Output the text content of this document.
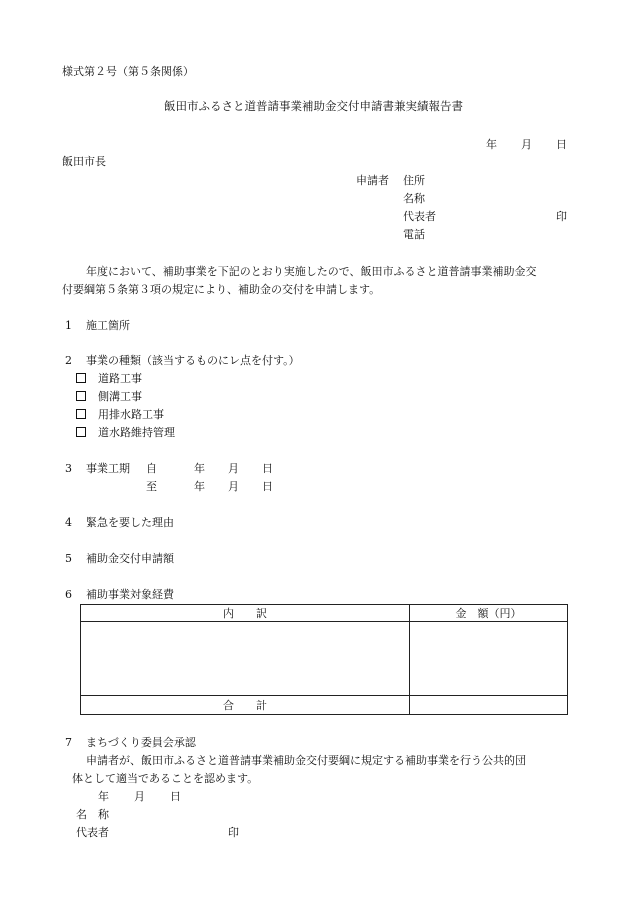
様式第２号（第５条関係）
飯田市ふるさと道普請事業補助金交付申請書兼実績報告書
年 月 日
飯田市長
申請者 住所
名称
代表者	印
電話
年度において、補助事業を下記のとおり実施したので、飯田市ふるさと道普請事業補助金交
付要綱第５条第３項の規定により、補助金の交付を申請します。
1 施工箇所
2 事業の種類（該当するものにレ点を付す。）
道路工事
側溝工事
用排水路工事
道水路維持管理
3 事業工期 自	年 月 日
至	年 月 日
4 緊急を要した理由
5 補助金交付申請額
6 補助事業対象経費
内　　訳	金　額（円）

合　　計	
7 まちづくり委員会承認
申請者が、飯田市ふるさと道普請事業補助金交付要綱に規定する補助事業を行う公共的団
体として適当であることを認めます。
年 月 日
名　称
代表者	印
